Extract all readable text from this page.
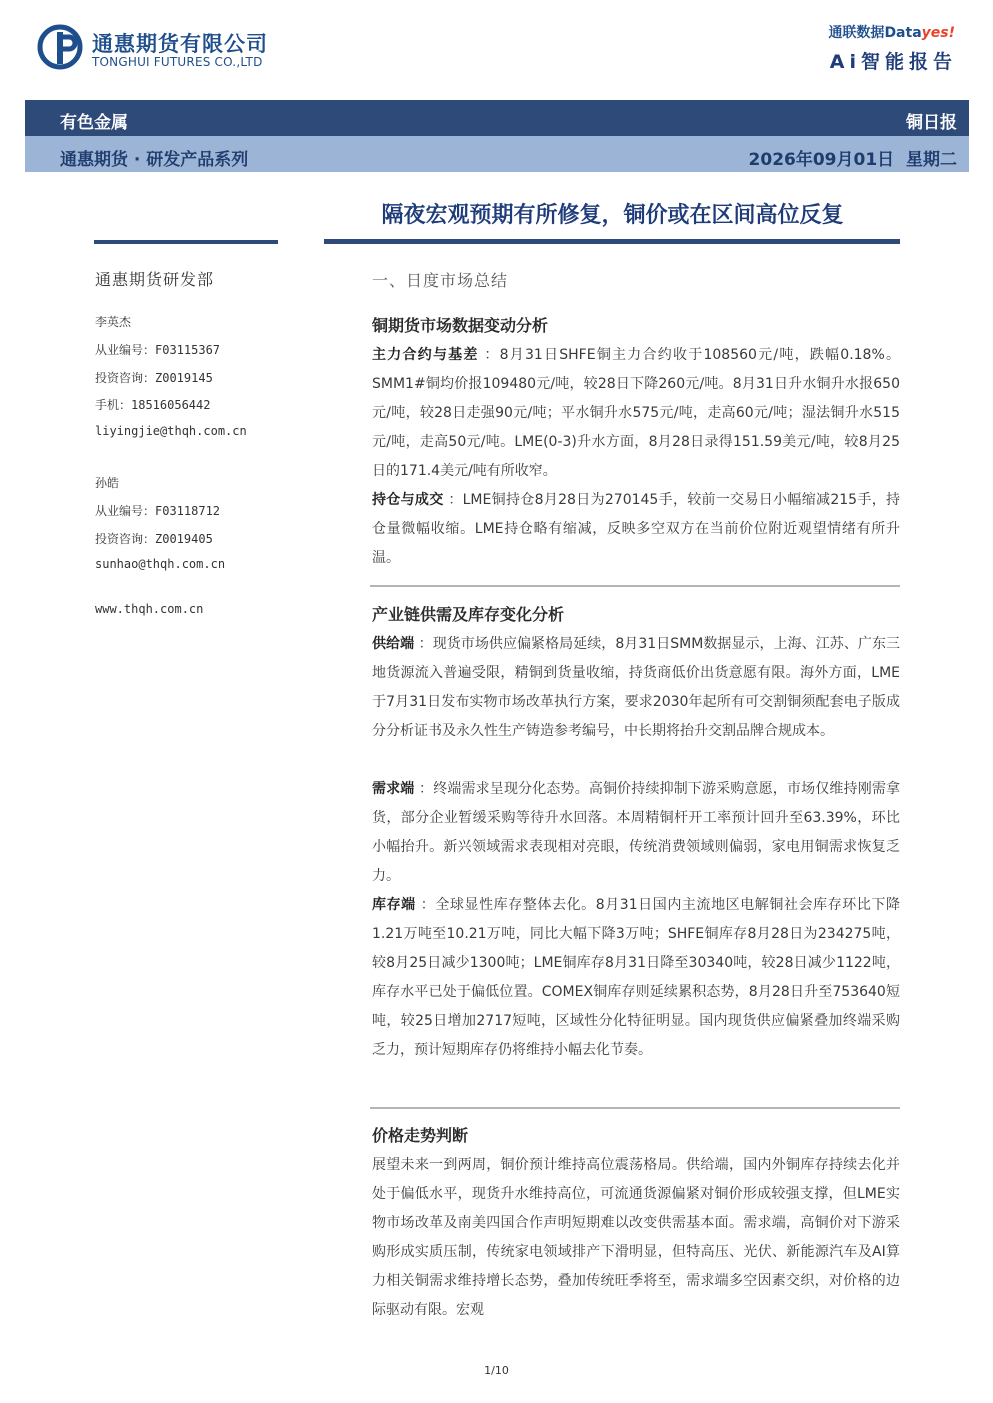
通惠期货有限公司
TONGHUI FUTURES CO.,LTD
通联数据Datayes!
Ai智能报告
有色金属	铜日报
通惠期货 · 研发产品系列	2026年09月01日  星期二
隔夜宏观预期有所修复，铜价或在区间高位反复
通惠期货研发部
李英杰
从业编号：F03115367
投资咨询：Z0019145
手机：18516056442
liyingjie@thqh.com.cn
孙皓
从业编号：F03118712
投资咨询：Z0019405
sunhao@thqh.com.cn
www.thqh.com.cn
一、日度市场总结
铜期货市场数据变动分析
主力合约与基差 ：8月31日SHFE铜主力合约收于108560元/吨，跌幅0.18%。SMM1#铜均价报109480元/吨，较28日下降260元/吨。8月31日升水铜升水报650元/吨，较28日走强90元/吨；平水铜升水575元/吨，走高60元/吨；湿法铜升水515元/吨，走高50元/吨。LME(0-3)升水方面，8月28日录得151.59美元/吨，较8月25日的171.4美元/吨有所收窄。
持仓与成交 ：LME铜持仓8月28日为270145手，较前一交易日小幅缩减215手，持仓量微幅收缩。LME持仓略有缩减，反映多空双方在当前价位附近观望情绪有所升温。
产业链供需及库存变化分析
供给端 ：现货市场供应偏紧格局延续，8月31日SMM数据显示，上海、江苏、广东三地货源流入普遍受限，精铜到货量收缩，持货商低价出货意愿有限。海外方面，LME于7月31日发布实物市场改革执行方案，要求2030年起所有可交割铜须配套电子版成分分析证书及永久性生产铸造参考编号，中长期将抬升交割品牌合规成本。
需求端 ：终端需求呈现分化态势。高铜价持续抑制下游采购意愿，市场仅维持刚需拿货，部分企业暂缓采购等待升水回落。本周精铜杆开工率预计回升至63.39%，环比小幅抬升。新兴领域需求表现相对亮眼，传统消费领域则偏弱，家电用铜需求恢复乏力。
库存端 ：全球显性库存整体去化。8月31日国内主流地区电解铜社会库存环比下降1.21万吨至10.21万吨，同比大幅下降3万吨；SHFE铜库存8月28日为234275吨，较8月25日减少1300吨；LME铜库存8月31日降至30340吨，较28日减少1122吨，库存水平已处于偏低位置。COMEX铜库存则延续累积态势，8月28日升至753640短吨，较25日增加2717短吨，区域性分化特征明显。国内现货供应偏紧叠加终端采购乏力，预计短期库存仍将维持小幅去化节奏。
价格走势判断
展望未来一到两周，铜价预计维持高位震荡格局。供给端，国内外铜库存持续去化并处于偏低水平，现货升水维持高位，可流通货源偏紧对铜价形成较强支撑，但LME实物市场改革及南美四国合作声明短期难以改变供需基本面。需求端，高铜价对下游采购形成实质压制，传统家电领域排产下滑明显，但特高压、光伏、新能源汽车及AI算力相关铜需求维持增长态势，叠加传统旺季将至，需求端多空因素交织，对价格的边际驱动有限。宏观
1/10
